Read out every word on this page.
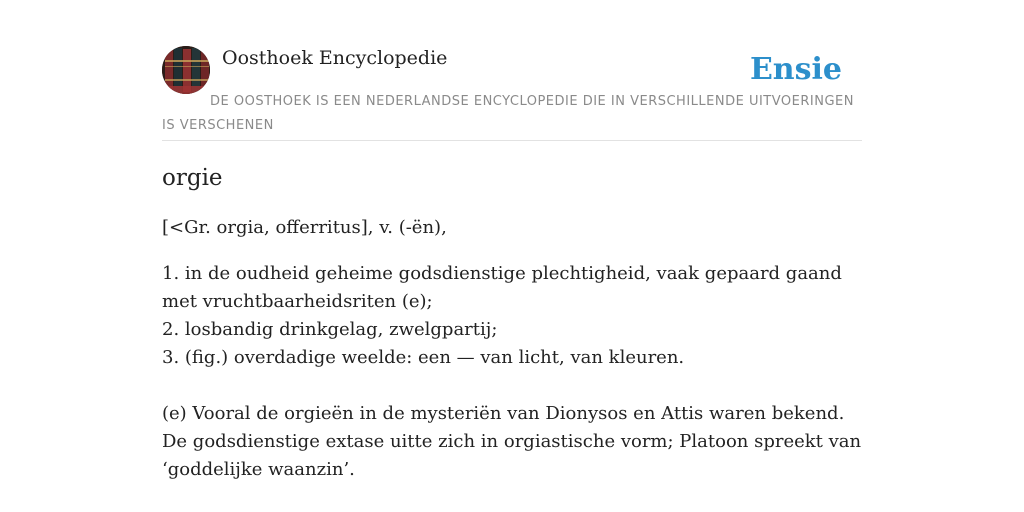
Oosthoek Encyclopedie	Ensie
DE OOSTHOEK IS EEN NEDERLANDSE ENCYCLOPEDIE DIE IN VERSCHILLENDE UITVOERINGEN IS VERSCHENEN
orgie

[<Gr. orgia, offerritus], v. (-ën),

1. in de oudheid geheime godsdienstige plechtigheid, vaak gepaard gaand met vruchtbaarheidsriten (e);
2. losbandig drinkgelag, zwelgpartij;
3. (fig.) overdadige weelde: een — van licht, van kleuren.

(e) Vooral de orgieën in de mysteriën van Dionysos en Attis waren bekend. De godsdienstige extase uitte zich in orgiastische vorm; Platoon spreekt van ‘goddelijke waanzin’.
